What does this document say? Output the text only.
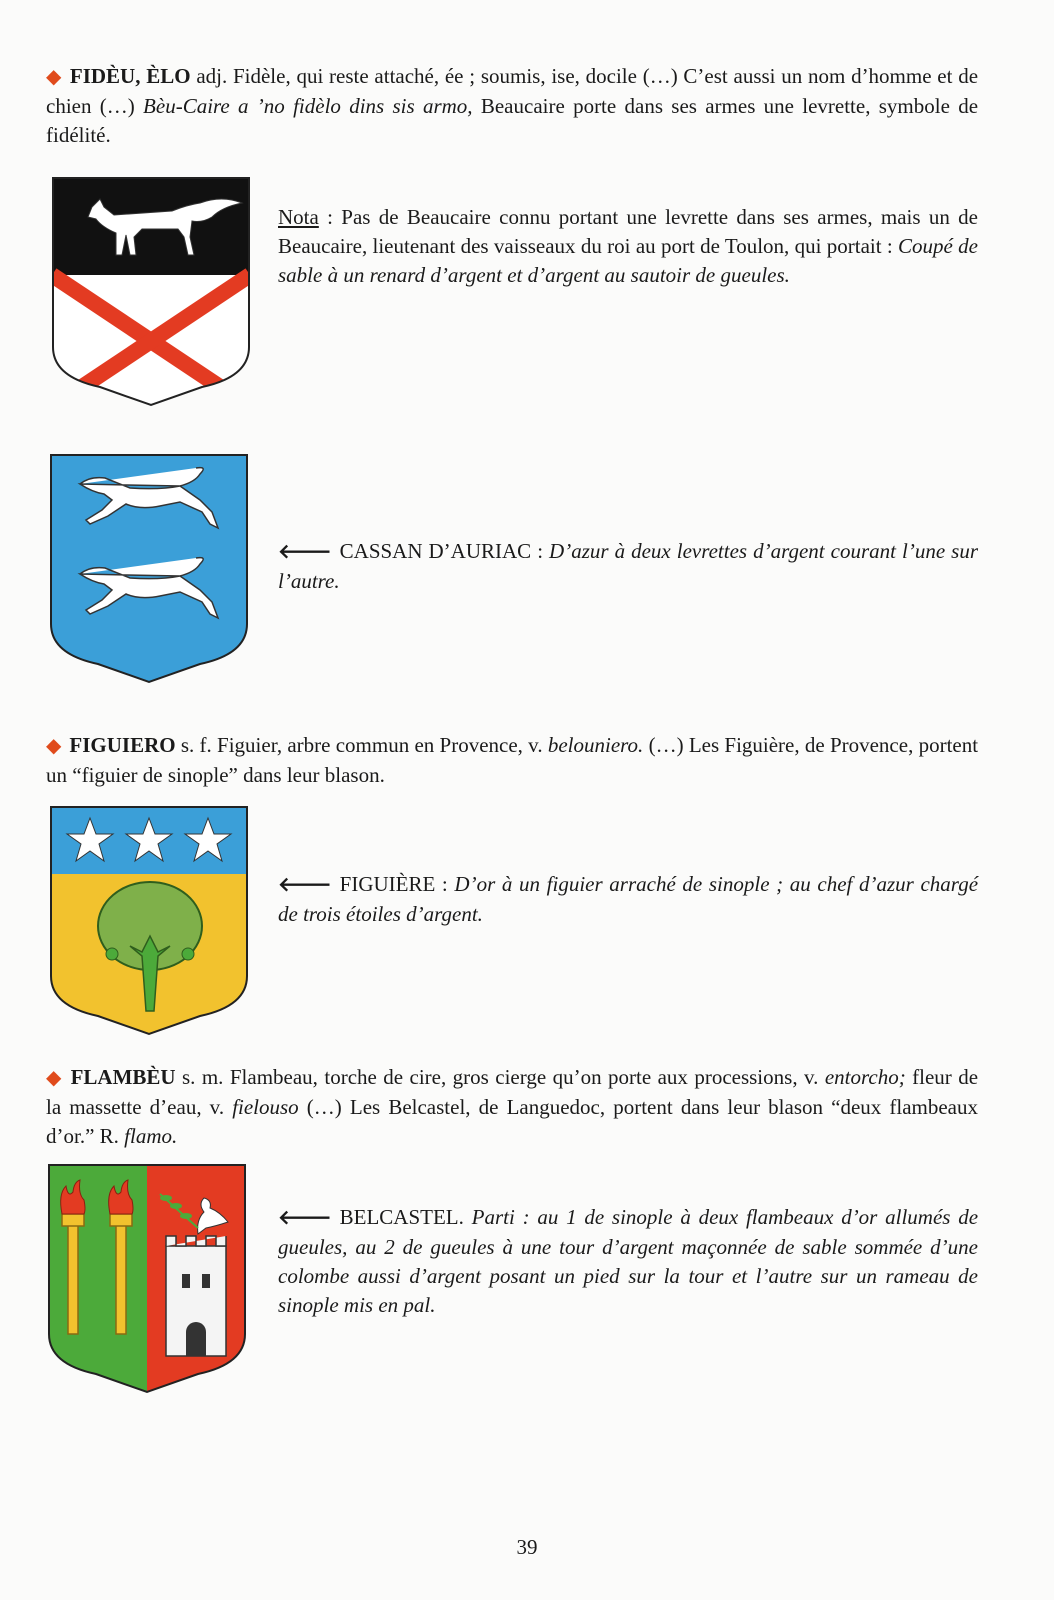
◆ FIDÈU, ÈLO adj. Fidèle, qui reste attaché, ée ; soumis, ise, docile (…) C’est aussi un nom d’homme et de chien (…) Bèu-Caire a ’no fidèlo dins sis armo, Beaucaire porte dans ses armes une levrette, symbole de fidélité.
Nota : Pas de Beaucaire connu portant une levrette dans ses armes, mais un de Beaucaire, lieutenant des vaisseaux du roi au port de Toulon, qui portait : Coupé de sable à un renard d’argent et d’argent au sautoir de gueules.
🡐 CASSAN D’AURIAC : D’azur à deux levrettes d’argent courant l’une sur l’autre.
◆ FIGUIERO s. f. Figuier, arbre commun en Provence, v. belouniero. (…) Les Figuière, de Provence, portent un “figuier de sinople” dans leur blason.
🡐 FIGUIÈRE : D’or à un figuier arraché de sinople ; au chef d’azur chargé de trois étoiles d’argent.
◆ FLAMBÈU s. m. Flambeau, torche de cire, gros cierge qu’on porte aux processions, v. entorcho; fleur de la massette d’eau, v. fielouso (…) Les Belcastel, de Languedoc, portent dans leur blason “deux flambeaux d’or.” R. flamo.
🡐 BELCASTEL. Parti : au 1 de sinople à deux flambeaux d’or allumés de gueules, au 2 de gueules à une tour d’argent maçonnée de sable sommée d’une colombe aussi d’argent posant un pied sur la tour et l’autre sur un rameau de sinople mis en pal.
39
